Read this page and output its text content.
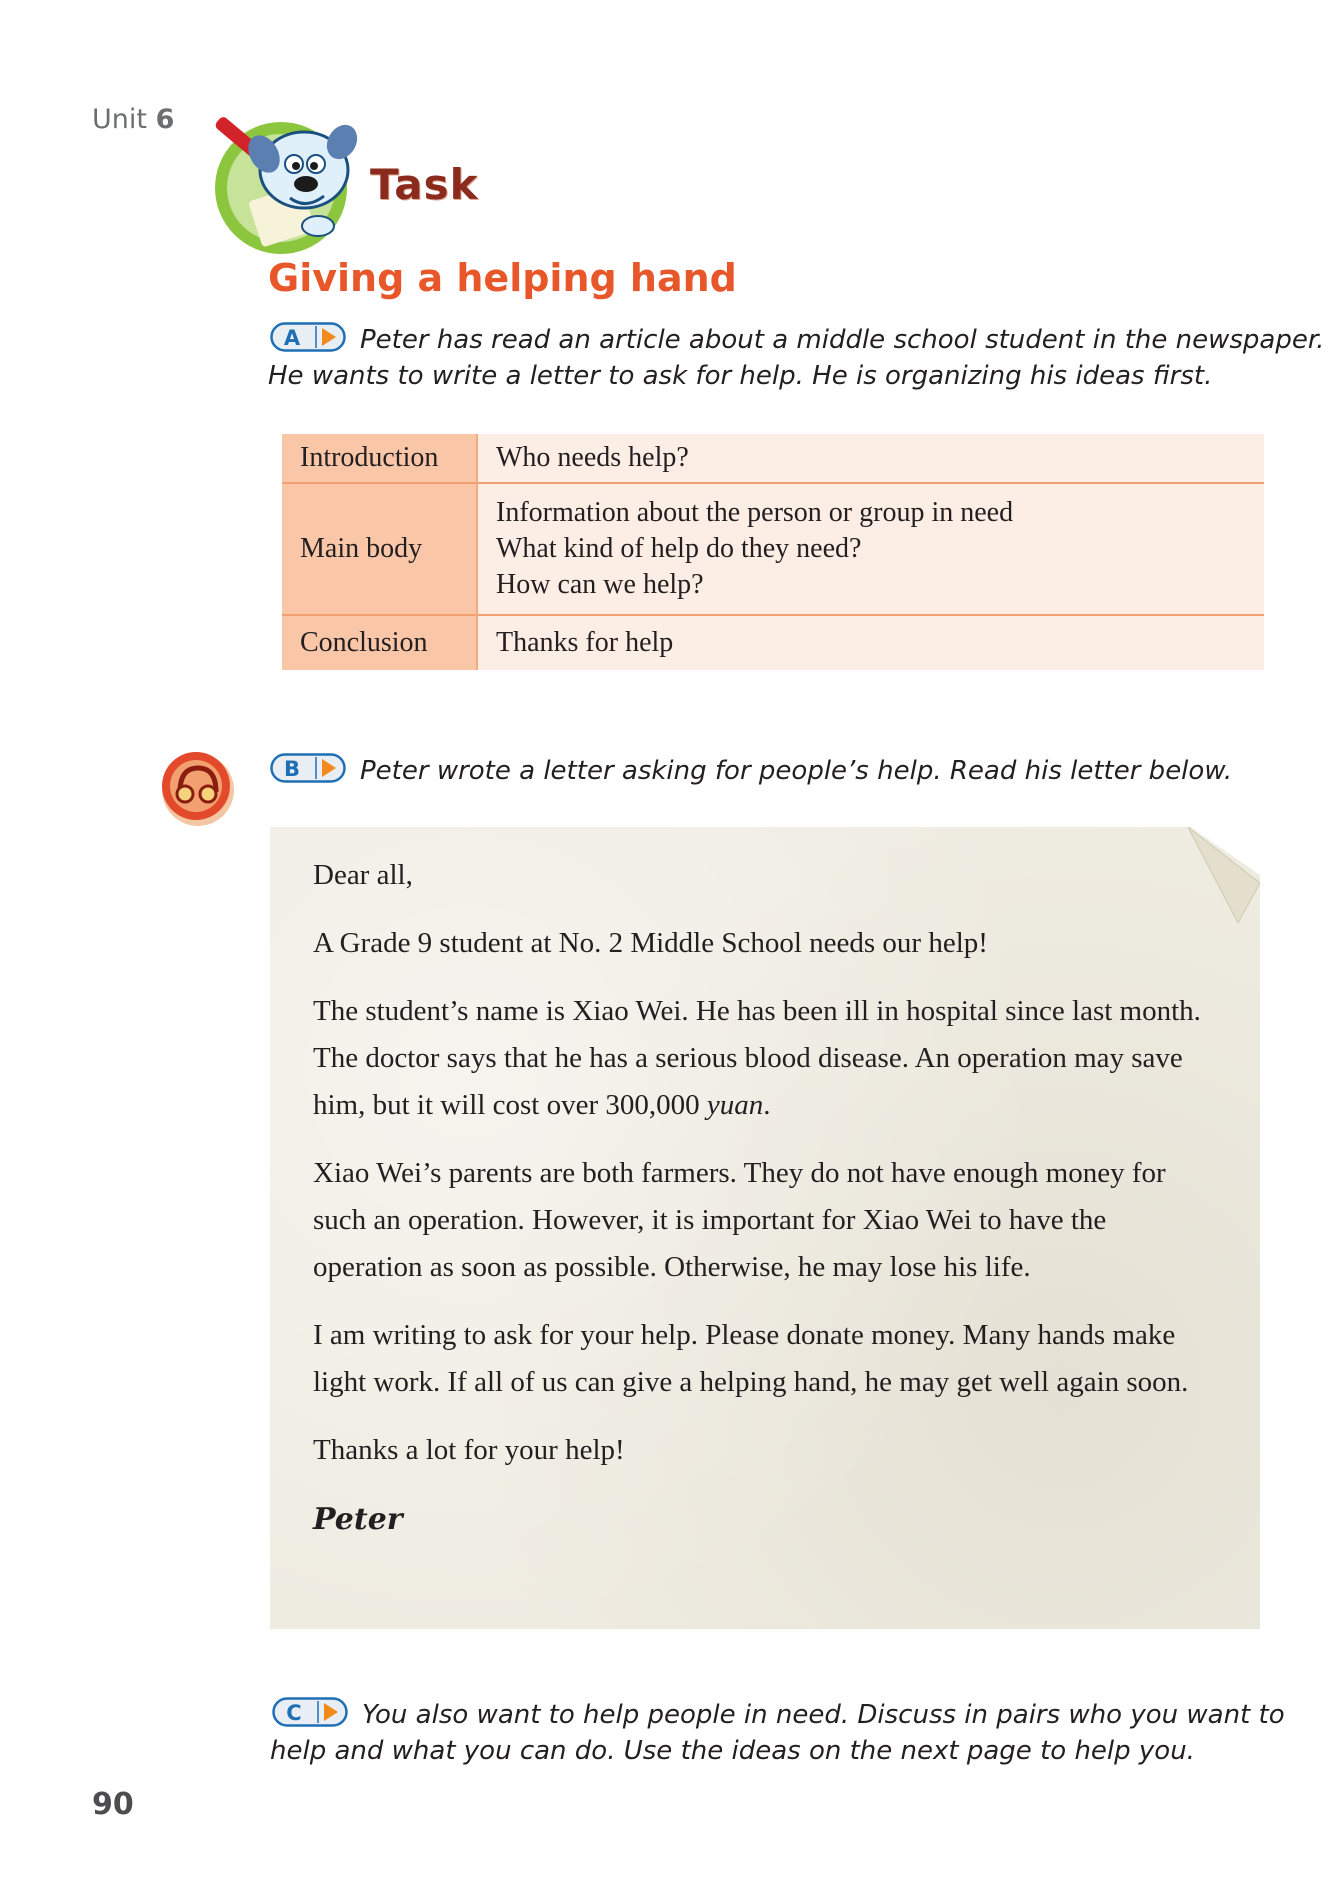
Unit 6
Task
Giving a helping hand
A Peter has read an article about a middle school student in the newspaper.
He wants to write a letter to ask for help. He is organizing his ideas first.
Introduction	Who needs help?
Main body	Information about the person or group in need
What kind of help do they need?
How can we help?

Conclusion	Thanks for help
B Peter wrote a letter asking for people’s help. Read his letter below.

Dear all,

A Grade 9 student at No. 2 Middle School needs our help!

The student’s name is Xiao Wei. He has been ill in hospital since last month. The doctor says that he has a serious blood disease. An operation may save him, but it will cost over 300,000 yuan.

Xiao Wei’s parents are both farmers. They do not have enough money for such an operation. However, it is important for Xiao Wei to have the operation as soon as possible. Otherwise, he may lose his life.

I am writing to ask for your help. Please donate money. Many hands make light work. If all of us can give a helping hand, he may get well again soon.

Thanks a lot for your help!

Peter

C You also want to help people in need. Discuss in pairs who you want to
help and what you can do. Use the ideas on the next page to help you.
90
